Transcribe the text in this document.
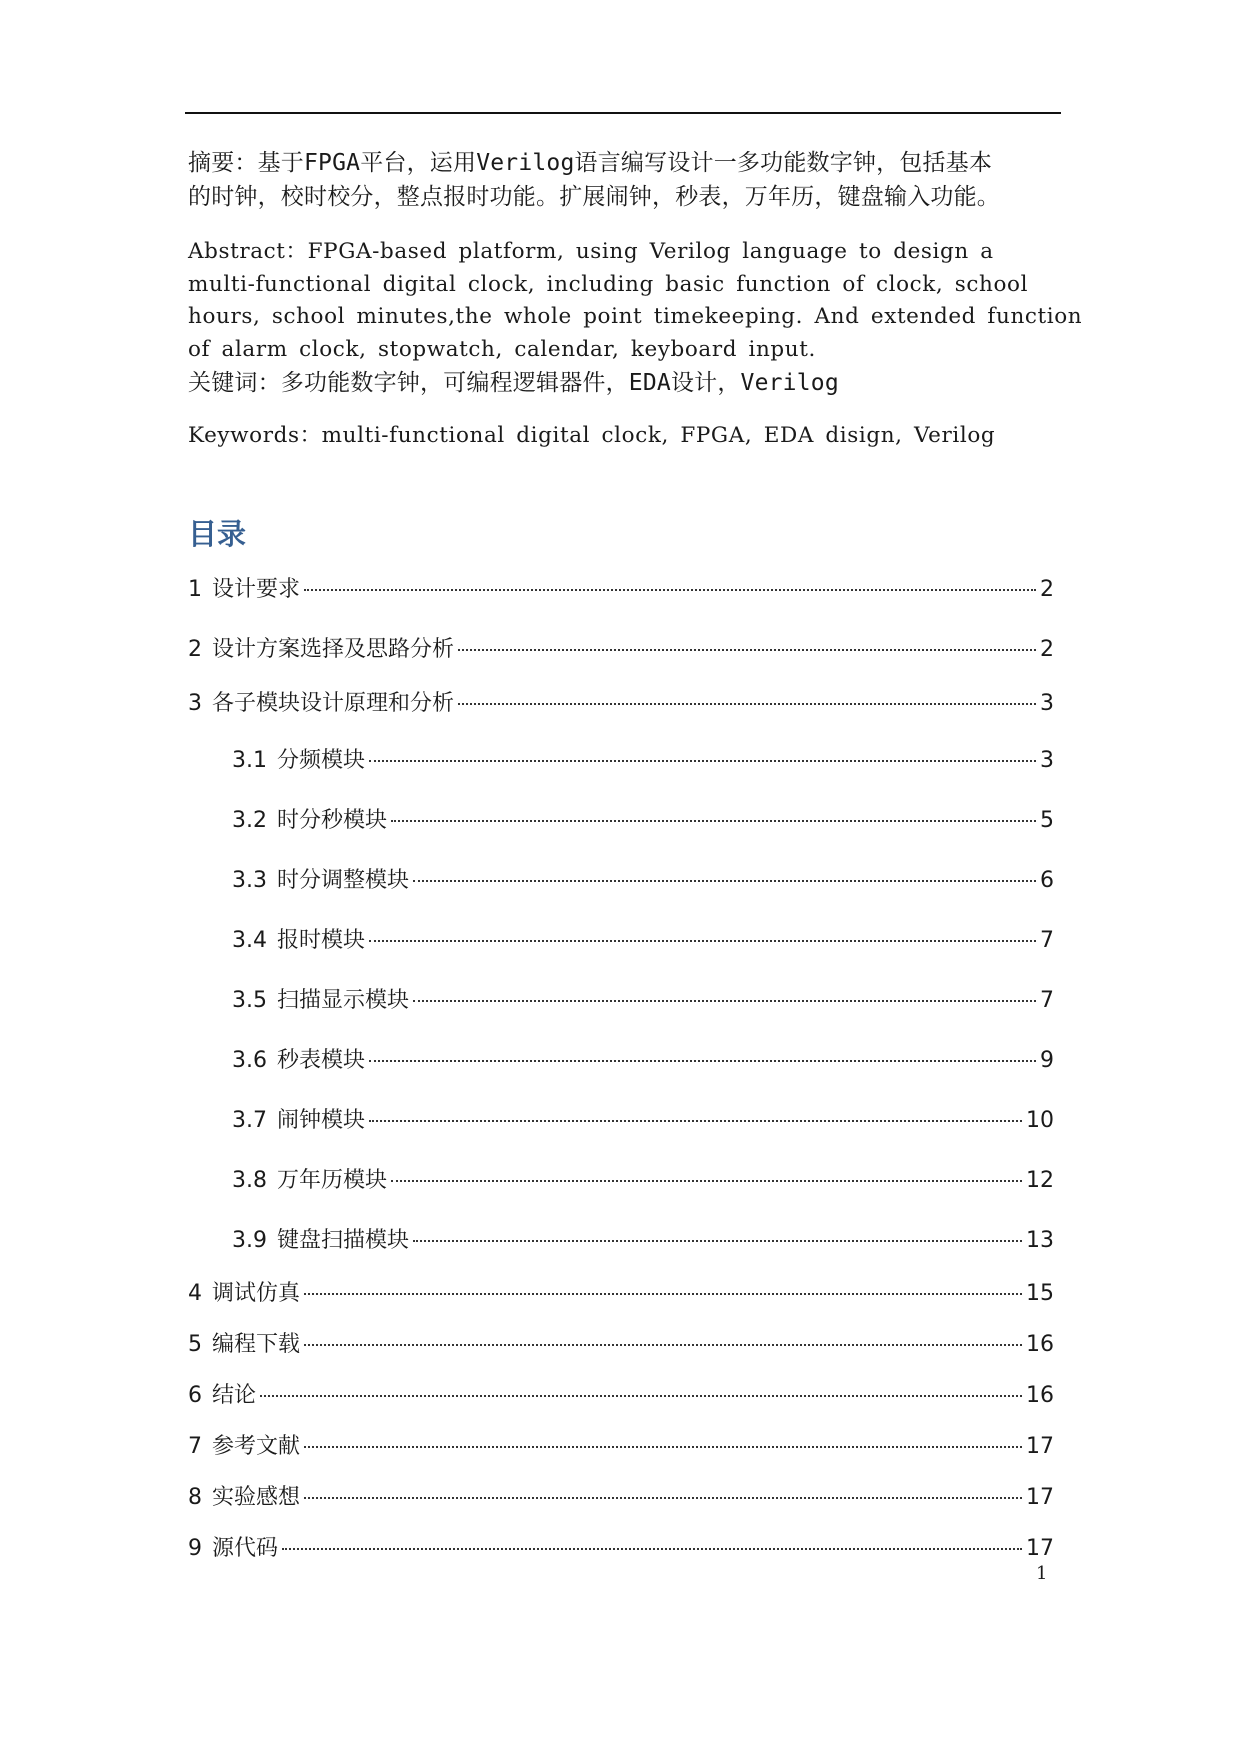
摘要：基于FPGA平台，运用Verilog语言编写设计一多功能数字钟，包括基本
的时钟，校时校分，整点报时功能。扩展闹钟，秒表，万年历，键盘输入功能。
Abstract：FPGA-based platform, using Verilog language to design a
multi-functional digital clock, including basic function of clock, school
hours, school minutes,the whole point timekeeping. And extended function
of alarm clock, stopwatch, calendar, keyboard input.
关键词：多功能数字钟，可编程逻辑器件，EDA设计，Verilog
Keywords：multi-functional digital clock, FPGA, EDA disign, Verilog
目录
1 设计要求	2
2 设计方案选择及思路分析	2
3 各子模块设计原理和分析	3
3.1 分频模块	3
3.2 时分秒模块	5
3.3 时分调整模块	6
3.4 报时模块	7
3.5 扫描显示模块	7
3.6 秒表模块	9
3.7 闹钟模块	10
3.8 万年历模块	12
3.9 键盘扫描模块	13
4 调试仿真	15
5 编程下载	16
6 结论	16
7 参考文献	17
8 实验感想	17
9 源代码	17
1
